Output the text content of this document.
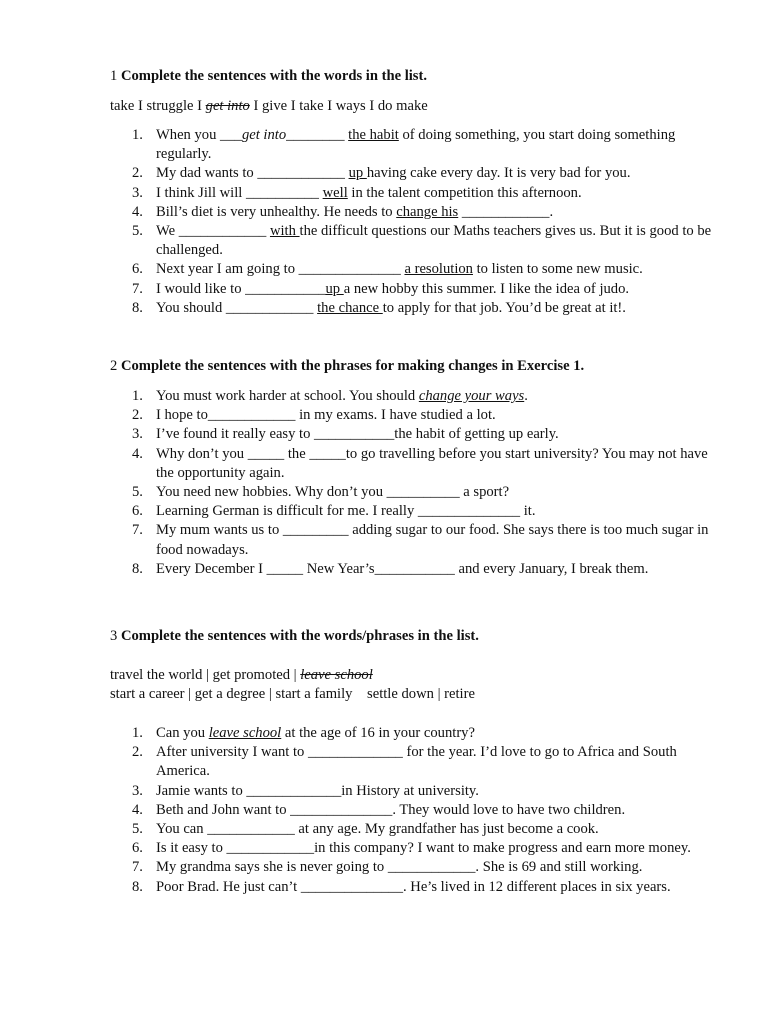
1 Complete the sentences with the words in the list.
take I struggle I get into I give I take I ways I do make
1. When you ___get into________ the habit of doing something, you start doing something regularly.
2. My dad wants to ____________ up having cake every day. It is very bad for you.
3. I think Jill will __________ well in the talent competition this afternoon.
4. Bill’s diet is very unhealthy. He needs to change his ____________.
5. We ____________ with the difficult questions our Maths teachers gives us. But it is good to be challenged.
6. Next year I am going to ______________ a resolution to listen to some new music.
7. I would like to ___________up a new hobby this summer. I like the idea of judo.
8. You should ____________ the chance to apply for that job. You’d be great at it!.
2 Complete the sentences with the phrases for making changes in Exercise 1.
1. You must work harder at school. You should change your ways.
2. I hope to____________ in my exams. I have studied a lot.
3. I’ve found it really easy to ___________the habit of getting up early.
4. Why don’t you _____ the _____to go travelling before you start university? You may not have the opportunity again.
5. You need new hobbies. Why don’t you __________ a sport?
6. Learning German is difficult for me. I really ______________ it.
7. My mum wants us to _________ adding sugar to our food. She says there is too much sugar in food nowadays.
8. Every December I _____ New Year’s___________ and every January, I break them.
3 Complete the sentences with the words/phrases in the list.
travel the world | get promoted | leave school
start a career | get a degree | start a family    settle down | retire
1. Can you leave school at the age of 16 in your country?
2. After university I want to _____________ for the year. I’d love to go to Africa and South America.
3. Jamie wants to _____________in History at university.
4. Beth and John want to ______________. They would love to have two children.
5. You can ____________ at any age. My grandfather has just become a cook.
6. Is it easy to ____________in this company? I want to make progress and earn more money.
7. My grandma says she is never going to ____________. She is 69 and still working.
8. Poor Brad. He just can’t ______________. He’s lived in 12 different places in six years.
